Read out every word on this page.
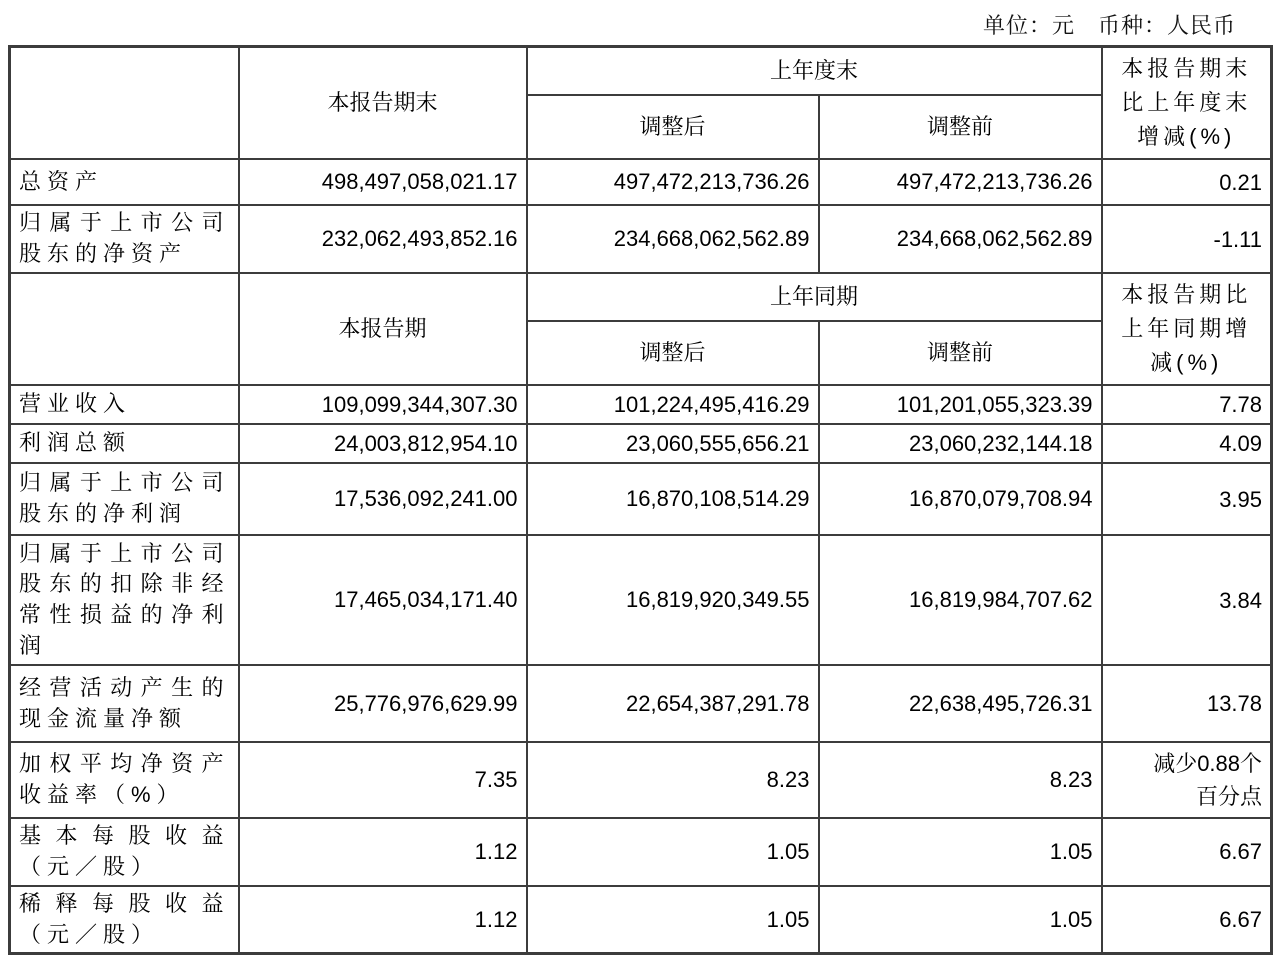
单位：元　币种：人民币
	本报告期末	上年度末		本报告期末比上年度末增减(%)
		调整后	调整前	
总资产	498,497,058,021.17	497,472,213,736.26	497,472,213,736.26	0.21
归属于上市公司股东的净资产	232,062,493,852.16	234,668,062,562.89	234,668,062,562.89	-1.11
	本报告期	上年同期		本报告期比上年同期增减(%)
		调整后	调整前	
营业收入	109,099,344,307.30	101,224,495,416.29	101,201,055,323.39	7.78
利润总额	24,003,812,954.10	23,060,555,656.21	23,060,232,144.18	4.09
归属于上市公司股东的净利润	17,536,092,241.00	16,870,108,514.29	16,870,079,708.94	3.95
归属于上市公司股东的扣除非经常性损益的净利润	17,465,034,171.40	16,819,920,349.55	16,819,984,707.62	3.84
经营活动产生的现金流量净额	25,776,976,629.99	22,654,387,291.78	22,638,495,726.31	13.78
加权平均净资产收益率（%）	7.35	8.23	8.23	减少0.88个百分点
基本每股收益（元／股）	1.12	1.05	1.05	6.67
稀释每股收益（元／股）	1.12	1.05	1.05	6.67
